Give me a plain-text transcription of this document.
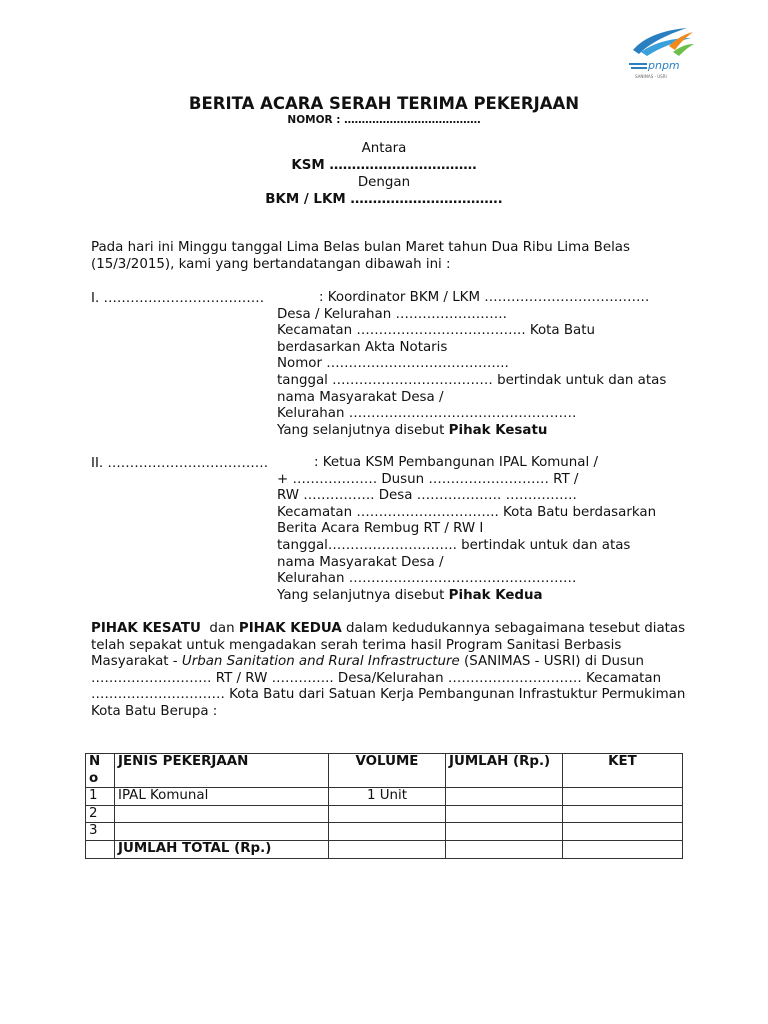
pnpm
SANIMAS - USRI
BERITA ACARA SERAH TERIMA PEKERJAAN
NOMOR : …………………………………
Antara
KSM ……………………………
Dengan
BKM / LKM …………………………….
Pada hari ini Minggu tanggal Lima Belas bulan Maret tahun Dua Ribu Lima Belas (15/3/2015), kami yang bertandatangan dibawah ini :
I. ………………………………	: Koordinator BKM / LKM ……………………………….
Desa / Kelurahan …………………….
Kecamatan ……………………………….. Kota Batu
berdasarkan Akta Notaris
Nomor …………………………………..
tanggal ……………………………… bertindak untuk dan atas
nama Masyarakat Desa /
Kelurahan ……………………………………………
Yang selanjutnya disebut Pihak Kesatu
II. ………………………………	: Ketua KSM Pembangunan IPAL Komunal /
+ ………………. Dusun ……………………… RT /
RW ……………. Desa ………………. …………….
Kecamatan ………………………….. Kota Batu berdasarkan
Berita Acara Rembug RT / RW I
tanggal……………………….. bertindak untuk dan atas
nama Masyarakat Desa /
Kelurahan ……………………………………………
Yang selanjutnya disebut Pihak Kedua
PIHAK KESATU  dan PIHAK KEDUA dalam kedudukannya sebagaimana tesebut diatas telah sepakat untuk mengadakan serah terima hasil Program Sanitasi Berbasis Masyarakat - Urban Sanitation and Rural Infrastructure (SANIMAS - USRI) di Dusun ……………………… RT / RW ………….. Desa/Kelurahan ………………………… Kecamatan ………………………… Kota Batu dari Satuan Kerja Pembangunan Infrastuktur Permukiman Kota Batu Berupa :
N
o	JENIS PEKERJAAN	VOLUME	JUMLAH (Rp.)	KET
1	IPAL Komunal	1 Unit		
2				
3				
	JUMLAH TOTAL (Rp.)			
